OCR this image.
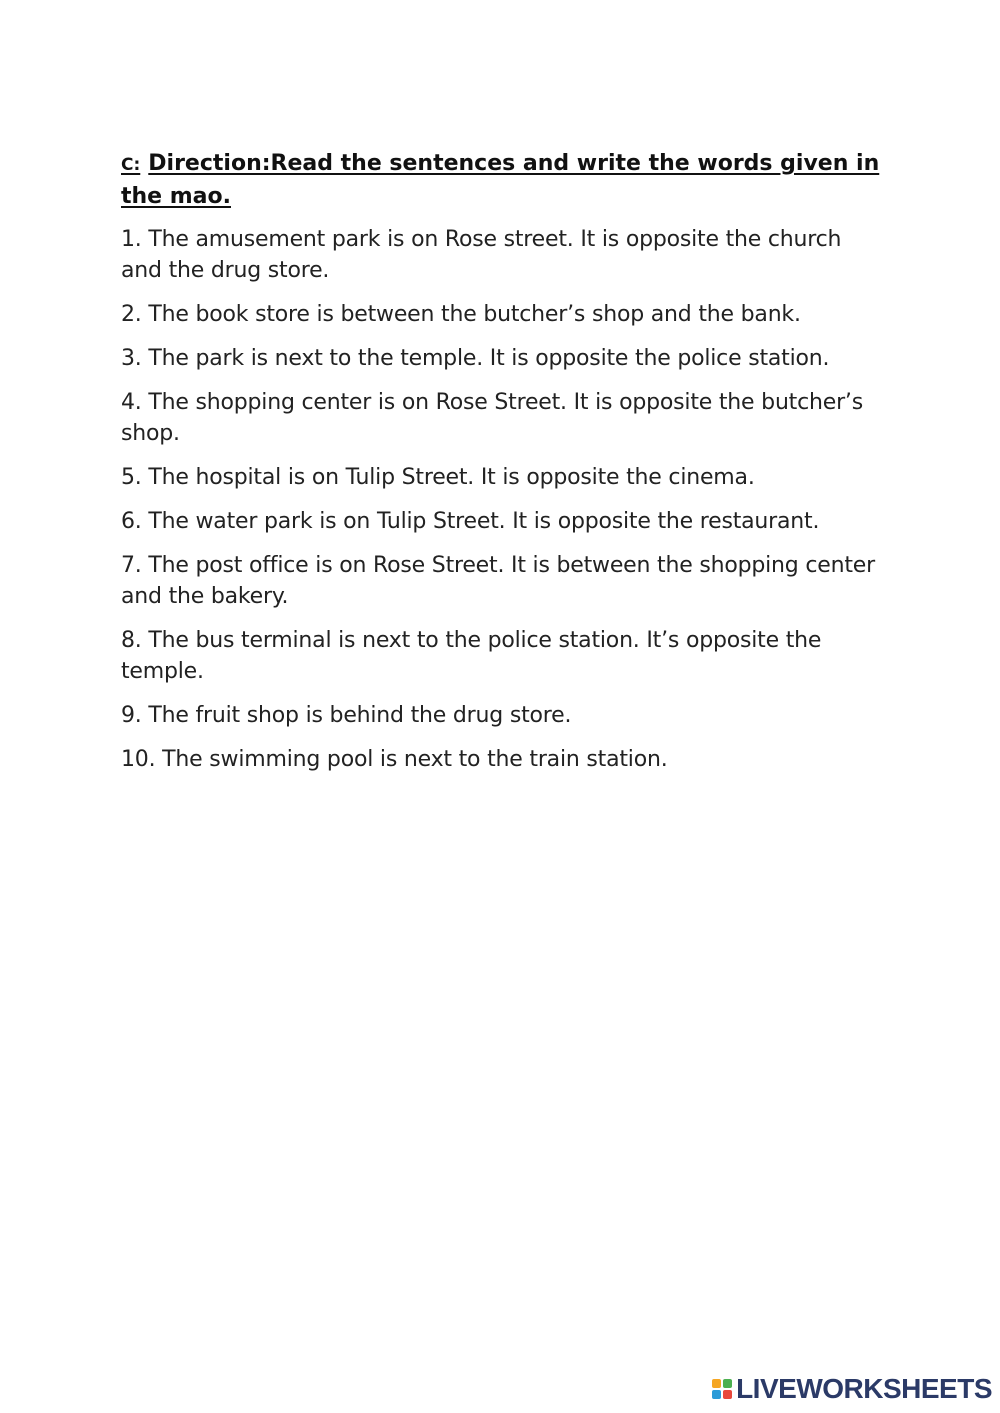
C: Direction:Read the sentences and write the words given in the mao.
1. The amusement park is on Rose street. It is opposite the church and the drug store.
2. The book store is between the butcher’s shop and the bank.
3. The park is next to the temple. It is opposite the police station.
4. The shopping center is on Rose Street. It is opposite the butcher’s shop.
5. The hospital is on Tulip Street. It is opposite the cinema.
6. The water park is on Tulip Street. It is opposite the restaurant.
7. The post office is on Rose Street. It is between the shopping center and the bakery.
8. The bus terminal is next to the police station. It’s opposite the temple.
9. The fruit shop is behind the drug store.
10. The swimming pool is next to the train station.
LIVEWORKSHEETS
